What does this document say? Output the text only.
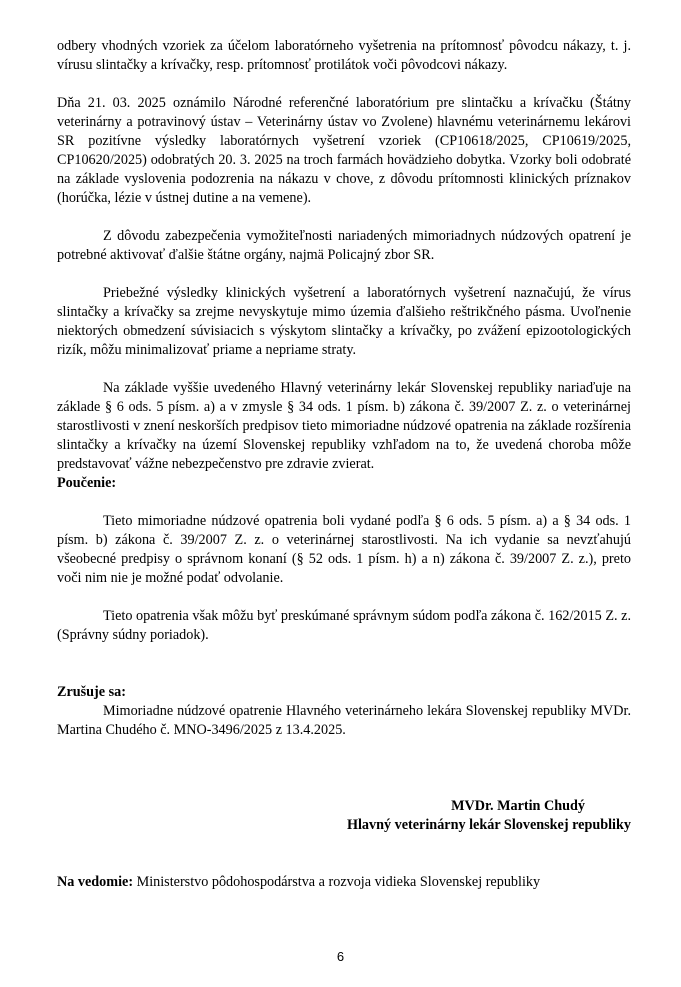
odbery vhodných vzoriek za účelom laboratórneho vyšetrenia na prítomnosť pôvodcu nákazy, t. j. vírusu slintačky a krívačky, resp. prítomnosť protilátok voči pôvodcovi nákazy.

Dňa 21. 03. 2025 oznámilo Národné referenčné laboratórium pre slintačku a krívačku (Štátny veterinárny a potravinový ústav – Veterinárny ústav vo Zvolene) hlavnému veterinárnemu lekárovi SR pozitívne výsledky laboratórnych vyšetrení vzoriek (CP10618/2025, CP10619/2025, CP10620/2025) odobratých 20. 3. 2025 na troch farmách hovädzieho dobytka. Vzorky boli odobraté na základe vyslovenia podozrenia na nákazu v chove, z dôvodu prítomnosti klinických príznakov (horúčka, lézie v ústnej dutine a na vemene).

Z dôvodu zabezpečenia vymožiteľnosti nariadených mimoriadnych núdzových opatrení je potrebné aktivovať ďalšie štátne orgány, najmä Policajný zbor SR.

Priebežné výsledky klinických vyšetrení a laboratórnych vyšetrení naznačujú, že vírus slintačky a krívačky sa zrejme nevyskytuje mimo územia ďalšieho reštrikčného pásma. Uvoľnenie niektorých obmedzení súvisiacich s výskytom slintačky a krívačky, po zvážení epizootologických rizík, môžu minimalizovať priame a nepriame straty.

Na základe vyššie uvedeného Hlavný veterinárny lekár Slovenskej republiky nariaďuje na základe § 6 ods. 5 písm. a) a v zmysle § 34 ods. 1 písm. b) zákona č. 39/2007 Z. z. o veterinárnej starostlivosti v znení neskorších predpisov tieto mimoriadne núdzové opatrenia na základe rozšírenia slintačky a krívačky na území Slovenskej republiky vzhľadom na to, že uvedená choroba môže predstavovať vážne nebezpečenstvo pre zdravie zvierat.

Poučenie:

Tieto mimoriadne núdzové opatrenia boli vydané podľa § 6 ods. 5 písm. a) a § 34 ods. 1 písm. b) zákona č. 39/2007 Z. z. o veterinárnej starostlivosti. Na ich vydanie sa nevzťahujú všeobecné predpisy o správnom konaní (§ 52 ods. 1 písm. h) a n) zákona č. 39/2007 Z. z.), preto voči nim nie je možné podať odvolanie.

Tieto opatrenia však môžu byť preskúmané správnym súdom podľa zákona č. 162/2015 Z. z. (Správny súdny poriadok).

Zrušuje sa:

Mimoriadne núdzové opatrenie Hlavného veterinárneho lekára Slovenskej republiky MVDr. Martina Chudého č. MNO-3496/2025 z 13.4.2025.

MVDr. Martin Chudý
Hlavný veterinárny lekár Slovenskej republiky

Na vedomie: Ministerstvo pôdohospodárstva a rozvoja vidieka Slovenskej republiky

6
